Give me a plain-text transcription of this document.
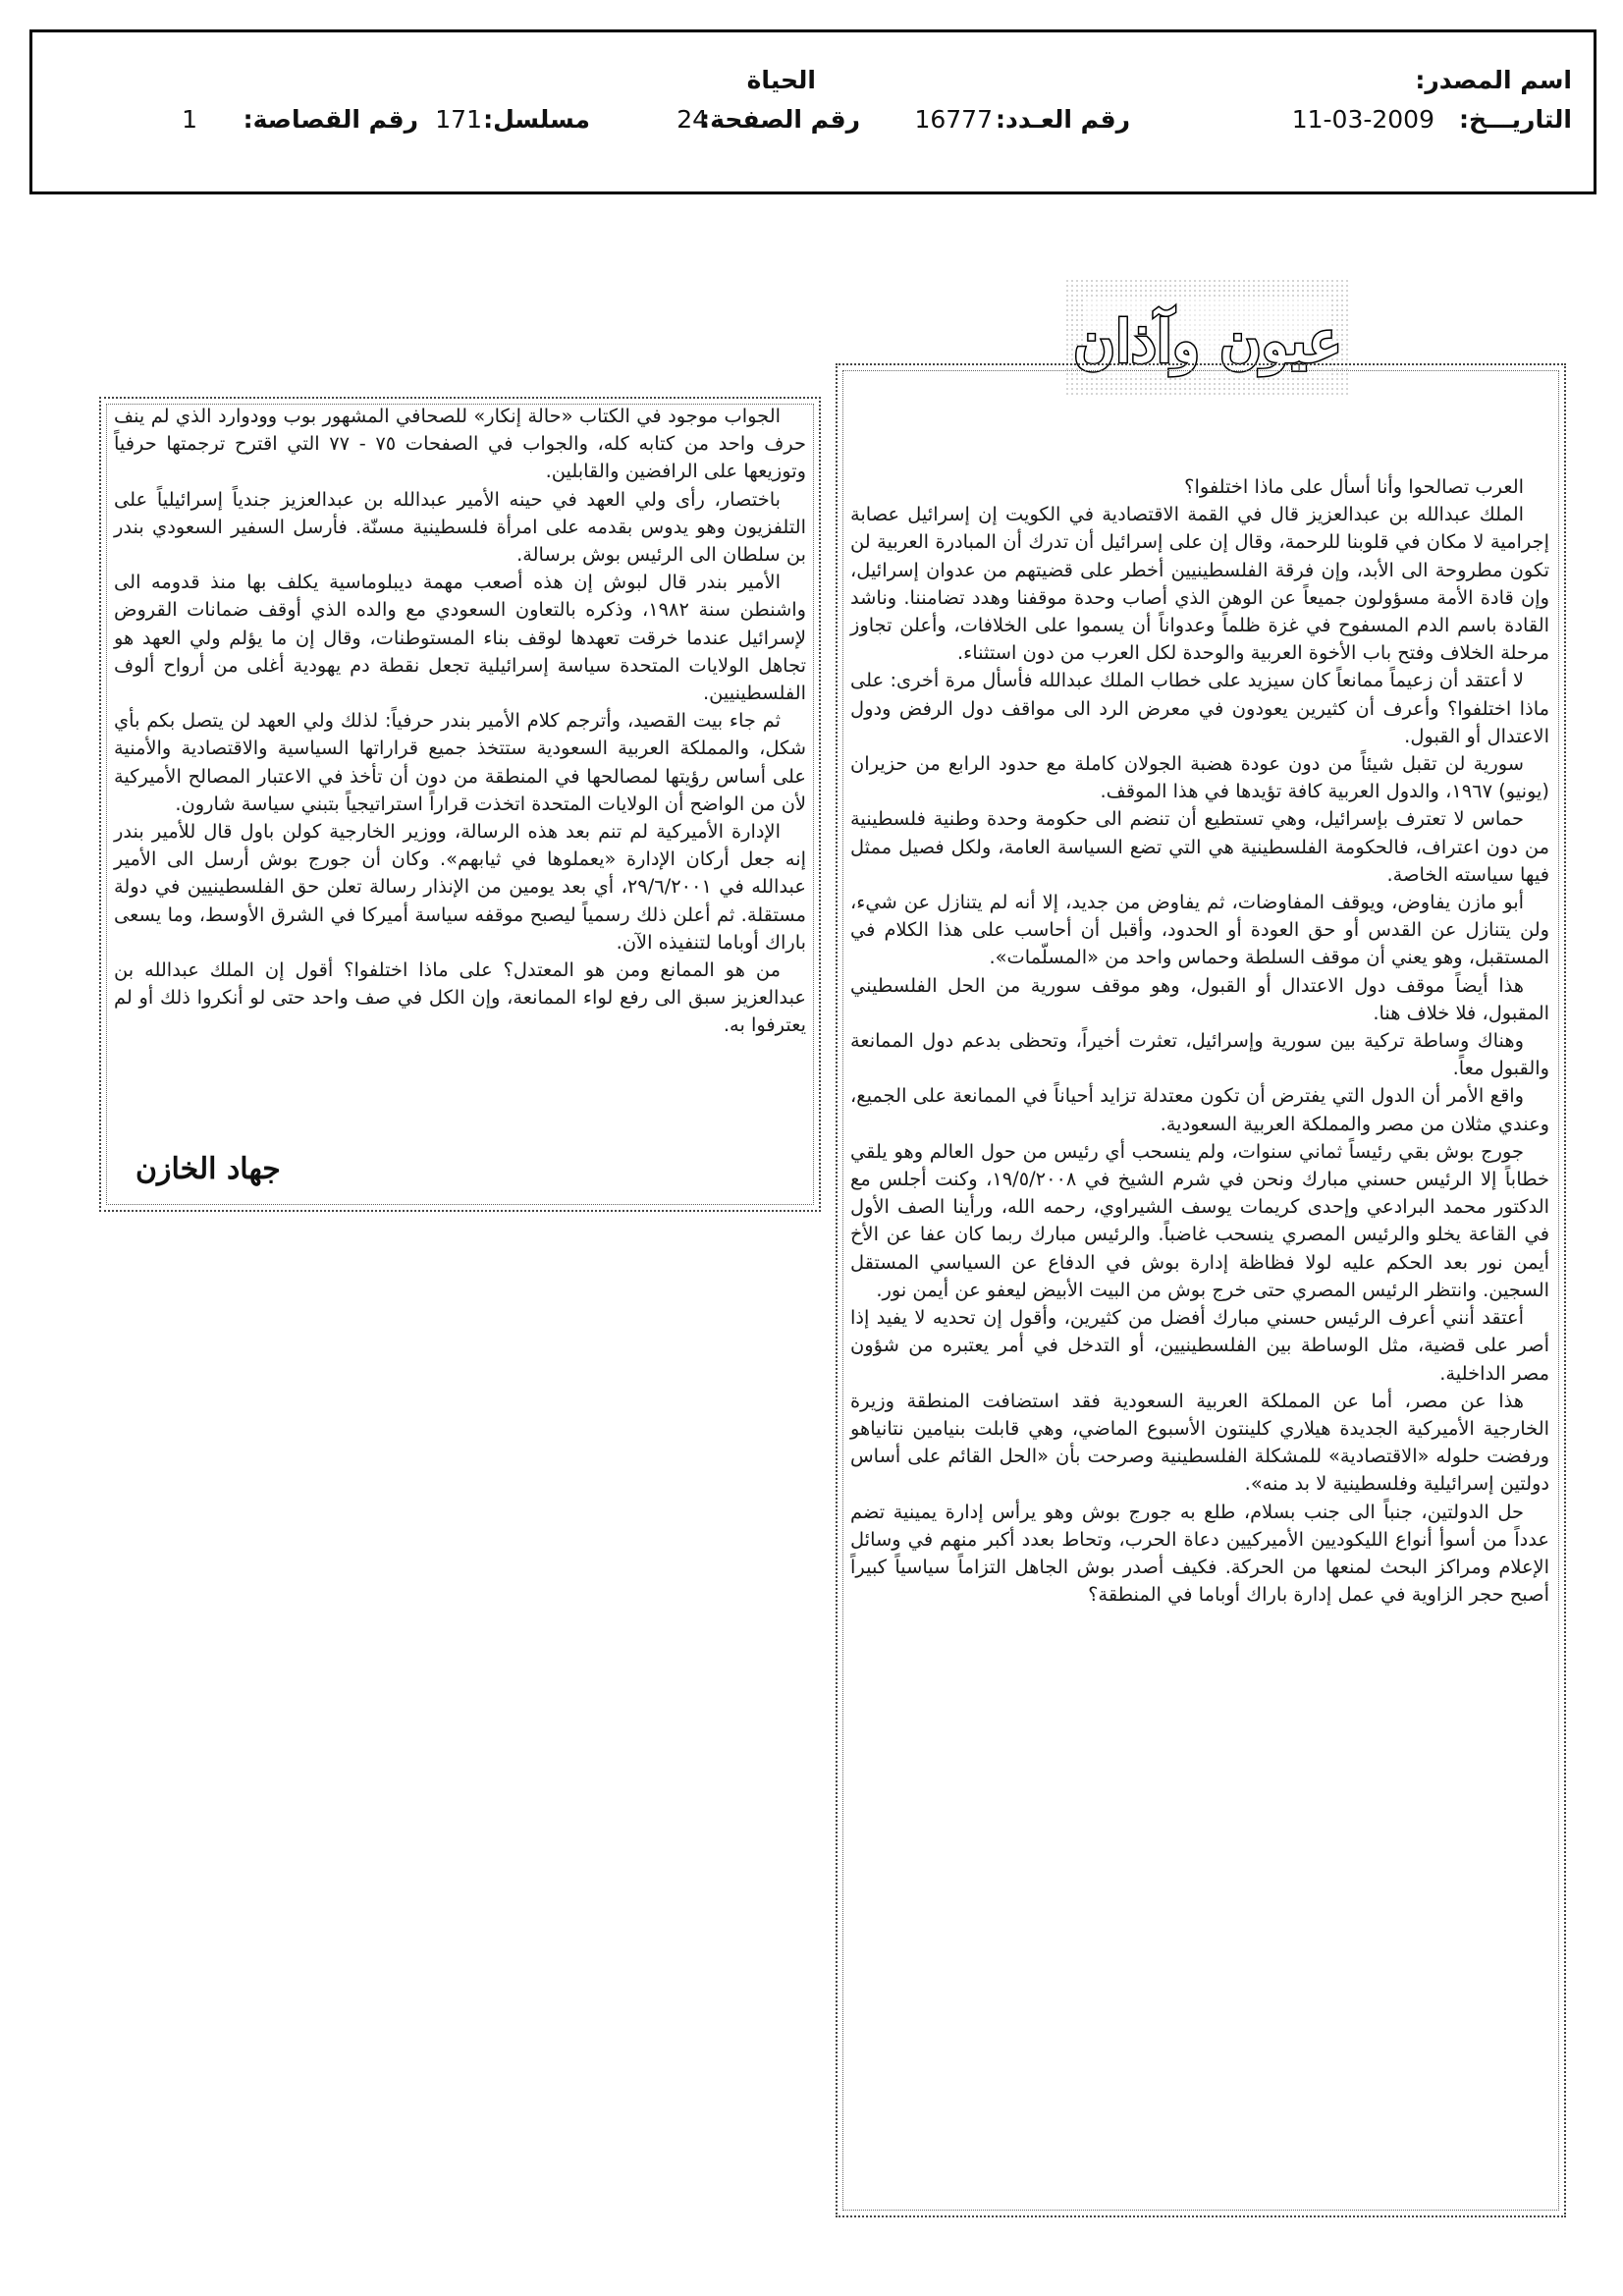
اسم المصدر:
الحياة
التاريـــخ:
11-03-2009
رقم العـدد:
16777
رقم الصفحة:
24
مسلسل:
171
رقم القصاصة:
1
عيون وآذان

العرب تصالحوا وأنا أسأل على ماذا اختلفوا؟

الملك عبدالله بن عبدالعزيز قال في القمة الاقتصادية في الكويت إن إسرائيل عصابة إجرامية لا مكان في قلوبنا للرحمة، وقال إن على إسرائيل أن تدرك أن المبادرة العربية لن تكون مطروحة الى الأبد، وإن فرقة الفلسطينيين أخطر على قضيتهم من عدوان إسرائيل، وإن قادة الأمة مسؤولون جميعاً عن الوهن الذي أصاب وحدة موقفنا وهدد تضامننا. وناشد القادة باسم الدم المسفوح في غزة ظلماً وعدواناً أن يسموا على الخلافات، وأعلن تجاوز مرحلة الخلاف وفتح باب الأخوة العربية والوحدة لكل العرب من دون استثناء.

لا أعتقد أن زعيماً ممانعاً كان سيزيد على خطاب الملك عبدالله فأسأل مرة أخرى: على ماذا اختلفوا؟ وأعرف أن كثيرين يعودون في معرض الرد الى مواقف دول الرفض ودول الاعتدال أو القبول.

سورية لن تقبل شيئاً من دون عودة هضبة الجولان كاملة مع حدود الرابع من حزيران (يونيو) ١٩٦٧، والدول العربية كافة تؤيدها في هذا الموقف.

حماس لا تعترف بإسرائيل، وهي تستطيع أن تنضم الى حكومة وحدة وطنية فلسطينية من دون اعتراف، فالحكومة الفلسطينية هي التي تضع السياسة العامة، ولكل فصيل ممثل فيها سياسته الخاصة.

أبو مازن يفاوض، ويوقف المفاوضات، ثم يفاوض من جديد، إلا أنه لم يتنازل عن شيء، ولن يتنازل عن القدس أو حق العودة أو الحدود، وأقبل أن أحاسب على هذا الكلام في المستقبل، وهو يعني أن موقف السلطة وحماس واحد من «المسلّمات».

هذا أيضاً موقف دول الاعتدال أو القبول، وهو موقف سورية من الحل الفلسطيني المقبول، فلا خلاف هنا.

وهناك وساطة تركية بين سورية وإسرائيل، تعثرت أخيراً، وتحظى بدعم دول الممانعة والقبول معاً.

واقع الأمر أن الدول التي يفترض أن تكون معتدلة تزايد أحياناً في الممانعة على الجميع، وعندي مثلان من مصر والمملكة العربية السعودية.

جورج بوش بقي رئيساً ثماني سنوات، ولم ينسحب أي رئيس من حول العالم وهو يلقي خطاباً إلا الرئيس حسني مبارك ونحن في شرم الشيخ في ١٩/٥/٢٠٠٨، وكنت أجلس مع الدكتور محمد البرادعي وإحدى كريمات يوسف الشيراوي، رحمه الله، ورأينا الصف الأول في القاعة يخلو والرئيس المصري ينسحب غاضباً. والرئيس مبارك ربما كان عفا عن الأخ أيمن نور بعد الحكم عليه لولا فظاظة إدارة بوش في الدفاع عن السياسي المستقل السجين. وانتظر الرئيس المصري حتى خرج بوش من البيت الأبيض ليعفو عن أيمن نور.

أعتقد أنني أعرف الرئيس حسني مبارك أفضل من كثيرين، وأقول إن تحديه لا يفيد إذا أصر على قضية، مثل الوساطة بين الفلسطينيين، أو التدخل في أمر يعتبره من شؤون مصر الداخلية.

هذا عن مصر، أما عن المملكة العربية السعودية فقد استضافت المنطقة وزيرة الخارجية الأميركية الجديدة هيلاري كلينتون الأسبوع الماضي، وهي قابلت بنيامين نتانياهو ورفضت حلوله «الاقتصادية» للمشكلة الفلسطينية وصرحت بأن «الحل القائم على أساس دولتين إسرائيلية وفلسطينية لا بد منه».

حل الدولتين، جنباً الى جنب بسلام، طلع به جورج بوش وهو يرأس إدارة يمينية تضم عدداً من أسوأ أنواع الليكوديين الأميركيين دعاة الحرب، وتحاط بعدد أكبر منهم في وسائل الإعلام ومراكز البحث لمنعها من الحركة. فكيف أصدر بوش الجاهل التزاماً سياسياً كبيراً أصبح حجر الزاوية في عمل إدارة باراك أوباما في المنطقة؟

الجواب موجود في الكتاب «حالة إنكار» للصحافي المشهور بوب وودوارد الذي لم ينف حرف واحد من كتابه كله، والجواب في الصفحات ٧٥ - ٧٧ التي اقترح ترجمتها حرفياً وتوزيعها على الرافضين والقابلين.

باختصار، رأى ولي العهد في حينه الأمير عبدالله بن عبدالعزيز جندياً إسرائيلياً على التلفزيون وهو يدوس بقدمه على امرأة فلسطينية مسنّة. فأرسل السفير السعودي بندر بن سلطان الى الرئيس بوش برسالة.

الأمير بندر قال لبوش إن هذه أصعب مهمة ديبلوماسية يكلف بها منذ قدومه الى واشنطن سنة ١٩٨٢، وذكره بالتعاون السعودي مع والده الذي أوقف ضمانات القروض لإسرائيل عندما خرقت تعهدها لوقف بناء المستوطنات، وقال إن ما يؤلم ولي العهد هو تجاهل الولايات المتحدة سياسة إسرائيلية تجعل نقطة دم يهودية أغلى من أرواح ألوف الفلسطينيين.

ثم جاء بيت القصيد، وأترجم كلام الأمير بندر حرفياً: لذلك ولي العهد لن يتصل بكم بأي شكل، والمملكة العربية السعودية ستتخذ جميع قراراتها السياسية والاقتصادية والأمنية على أساس رؤيتها لمصالحها في المنطقة من دون أن تأخذ في الاعتبار المصالح الأميركية لأن من الواضح أن الولايات المتحدة اتخذت قراراً استراتيجياً بتبني سياسة شارون.

الإدارة الأميركية لم تنم بعد هذه الرسالة، ووزير الخارجية كولن باول قال للأمير بندر إنه جعل أركان الإدارة «يعملوها في ثيابهم». وكان أن جورج بوش أرسل الى الأمير عبدالله في ٢٩/٦/٢٠٠١، أي بعد يومين من الإنذار رسالة تعلن حق الفلسطينيين في دولة مستقلة. ثم أعلن ذلك رسمياً ليصبح موقفه سياسة أميركا في الشرق الأوسط، وما يسعى باراك أوباما لتنفيذه الآن.

من هو الممانع ومن هو المعتدل؟ على ماذا اختلفوا؟ أقول إن الملك عبدالله بن عبدالعزيز سبق الى رفع لواء الممانعة، وإن الكل في صف واحد حتى لو أنكروا ذلك أو لم يعترفوا به.

جهاد الخازن
